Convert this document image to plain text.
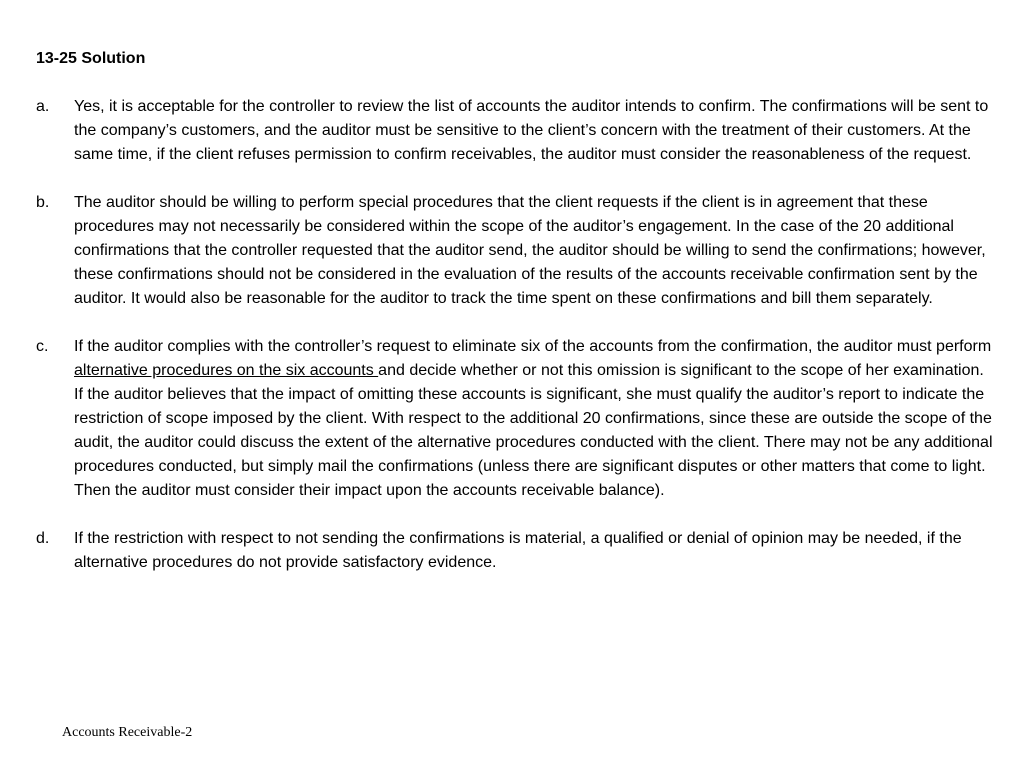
13-25 Solution
a.	Yes, it is acceptable for the controller to review the list of accounts the auditor intends to confirm. The confirmations will be sent to the company’s customers, and the auditor must be sensitive to the client’s concern with the treatment of their customers. At the same time, if the client refuses permission to confirm receivables, the auditor must consider the reasonableness of the request.
b.	The auditor should be willing to perform special procedures that the client requests if the client is in agreement that these procedures may not necessarily be considered within the scope of the auditor’s engagement. In the case of the 20 additional confirmations that the controller requested that the auditor send, the auditor should be willing to send the confirmations; however, these confirmations should not be considered in the evaluation of the results of the accounts receivable confirmation sent by the auditor. It would also be reasonable for the auditor to track the time spent on these confirmations and bill them separately.
c.	If the auditor complies with the controller’s request to eliminate six of the accounts from the confirmation, the auditor must perform alternative procedures on the six accounts and decide whether or not this omission is significant to the scope of her examination. If the auditor believes that the impact of omitting these accounts is significant, she must qualify the auditor’s report to indicate the restriction of scope imposed by the client. With respect to the additional 20 confirmations, since these are outside the scope of the audit, the auditor could discuss the extent of the alternative procedures conducted with the client. There may not be any additional procedures conducted, but simply mail the confirmations (unless there are significant disputes or other matters that come to light. Then the auditor must consider their impact upon the accounts receivable balance).
d.	If the restriction with respect to not sending the confirmations is material, a qualified or denial of opinion may be needed, if the alternative procedures do not provide satisfactory evidence.
Accounts Receivable-2
